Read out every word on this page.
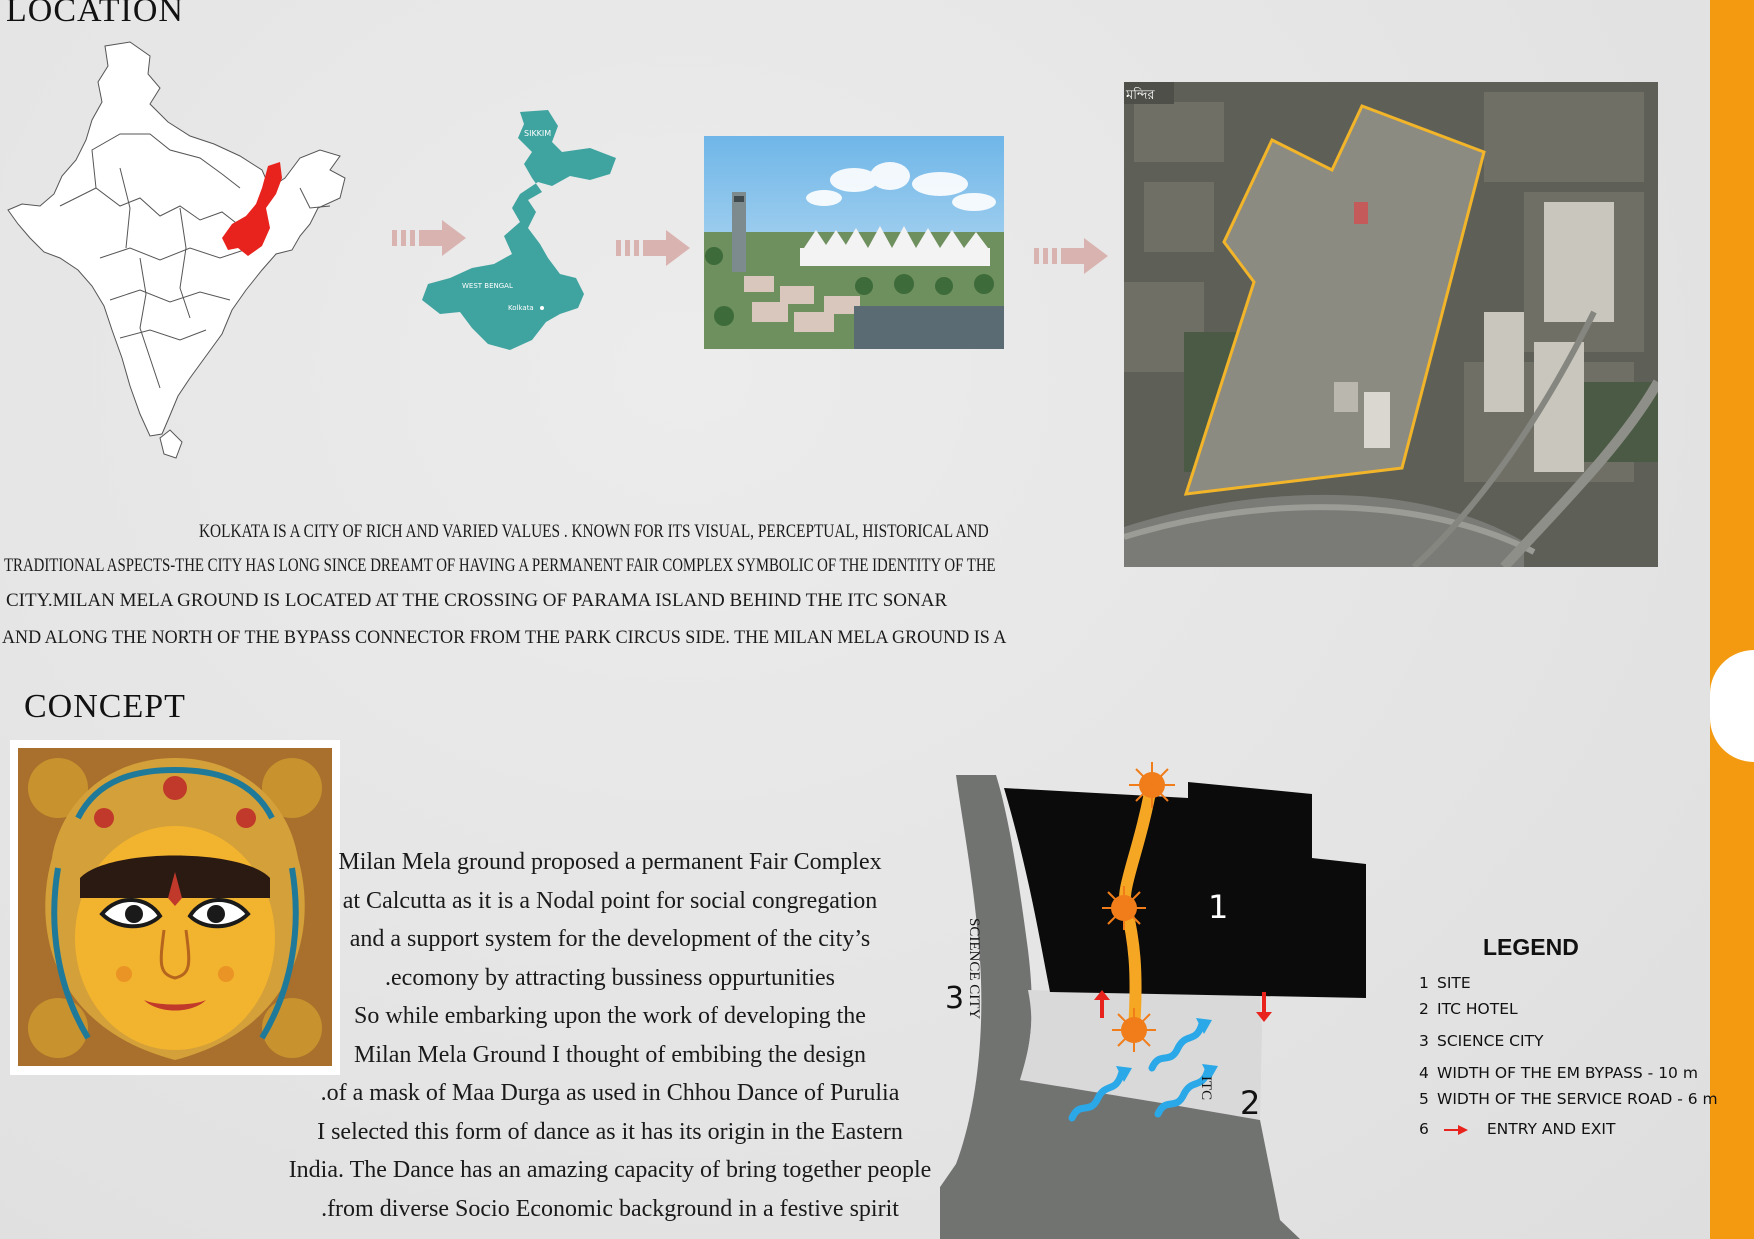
LOCATION
SIKKIM
WEST BENGAL
Kolkata
মন্দির
KOLKATA IS A CITY OF RICH AND VARIED VALUES . KNOWN FOR ITS VISUAL, PERCEPTUAL, HISTORICAL AND
TRADITIONAL ASPECTS-THE CITY HAS LONG SINCE DREAMT OF HAVING A PERMANENT FAIR COMPLEX SYMBOLIC OF THE IDENTITY OF THE
CITY.MILAN MELA GROUND IS LOCATED AT THE CROSSING OF PARAMA ISLAND BEHIND THE ITC SONAR
AND ALONG THE NORTH OF THE BYPASS CONNECTOR FROM THE PARK CIRCUS SIDE. THE MILAN MELA GROUND IS A
CONCEPT
Milan Mela ground proposed a permanent Fair Complex
at Calcutta as it is a Nodal point for social congregation
and a support system for the development of the city’s
.ecomony by attracting bussiness oppurtunities
So while embarking upon the work of developing the
Milan Mela Ground I thought of embibing the design
.of a mask of Maa Durga as used in Chhou Dance of Purulia
I selected this form of dance as it has its origin in the Eastern
India. The Dance has an amazing capacity of bring together people
.from diverse Socio Economic background in a festive spirit
1
2
3 SCIENCE CITY
ITC
LEGEND
1 SITE
2 ITC HOTEL
3 SCIENCE CITY
4 WIDTH OF THE EM BYPASS - 10 m
5 WIDTH OF THE SERVICE ROAD - 6 m
6	ENTRY AND EXIT
